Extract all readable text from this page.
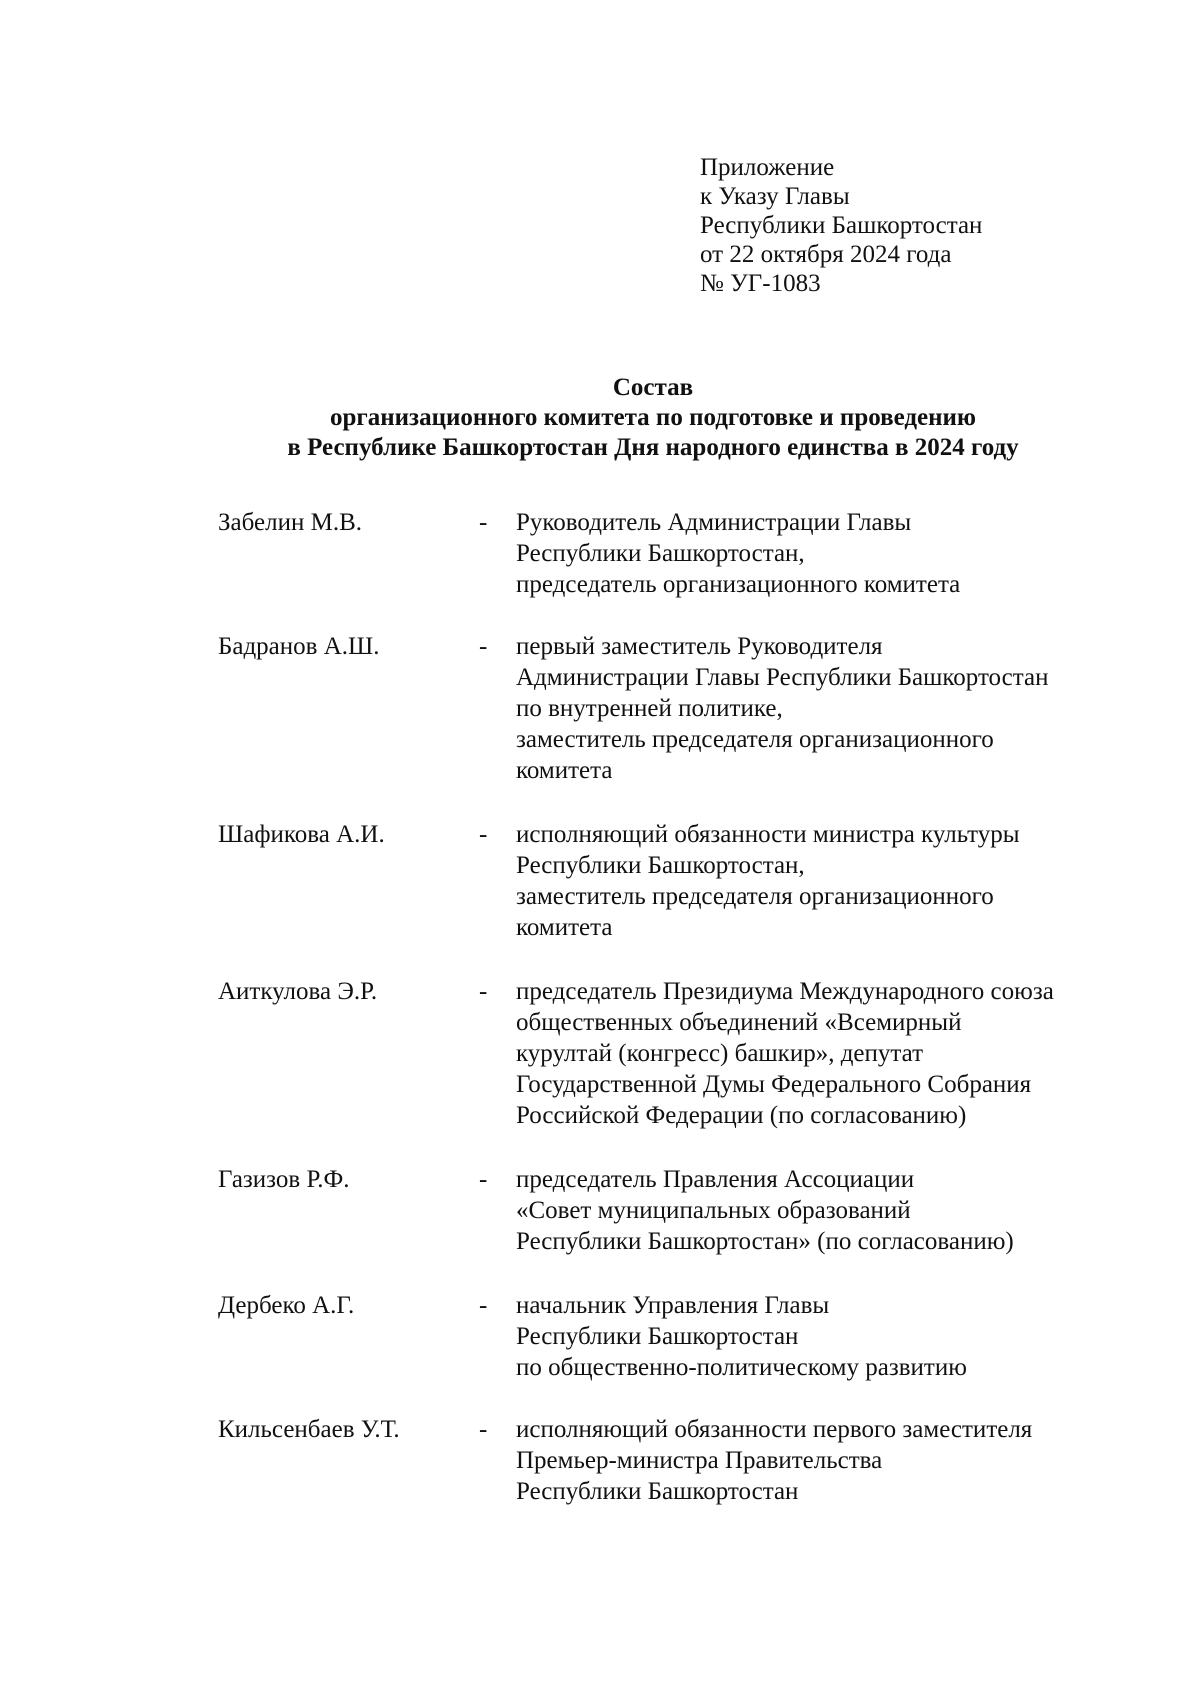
Приложение
к Указу Главы
Республики Башкортостан
от 22 октября 2024 года
№ УГ-1083
Состав
организационного комитета по подготовке и проведению
в Республике Башкортостан Дня народного единства в 2024 году
Забелин М.В.	- Руководитель Администрации Главы
Республики Башкортостан,
председатель организационного комитета
Бадранов А.Ш.	- первый заместитель Руководителя
Администрации Главы Республики Башкортостан
по внутренней политике,
заместитель председателя организационного
комитета
Шафикова А.И.	- исполняющий обязанности министра культуры
Республики Башкортостан,
заместитель председателя организационного
комитета
Аиткулова Э.Р.	- председатель Президиума Международного союза
общественных объединений «Всемирный
курултай (конгресс) башкир», депутат
Государственной Думы Федерального Собрания
Российской Федерации (по согласованию)
Газизов Р.Ф.	- председатель Правления Ассоциации
«Совет муниципальных образований
Республики Башкортостан» (по согласованию)
Дербеко А.Г.	- начальник Управления Главы
Республики Башкортостан
по общественно-политическому развитию
Кильсенбаев У.Т.	- исполняющий обязанности первого заместителя
Премьер-министра Правительства
Республики Башкортостан
